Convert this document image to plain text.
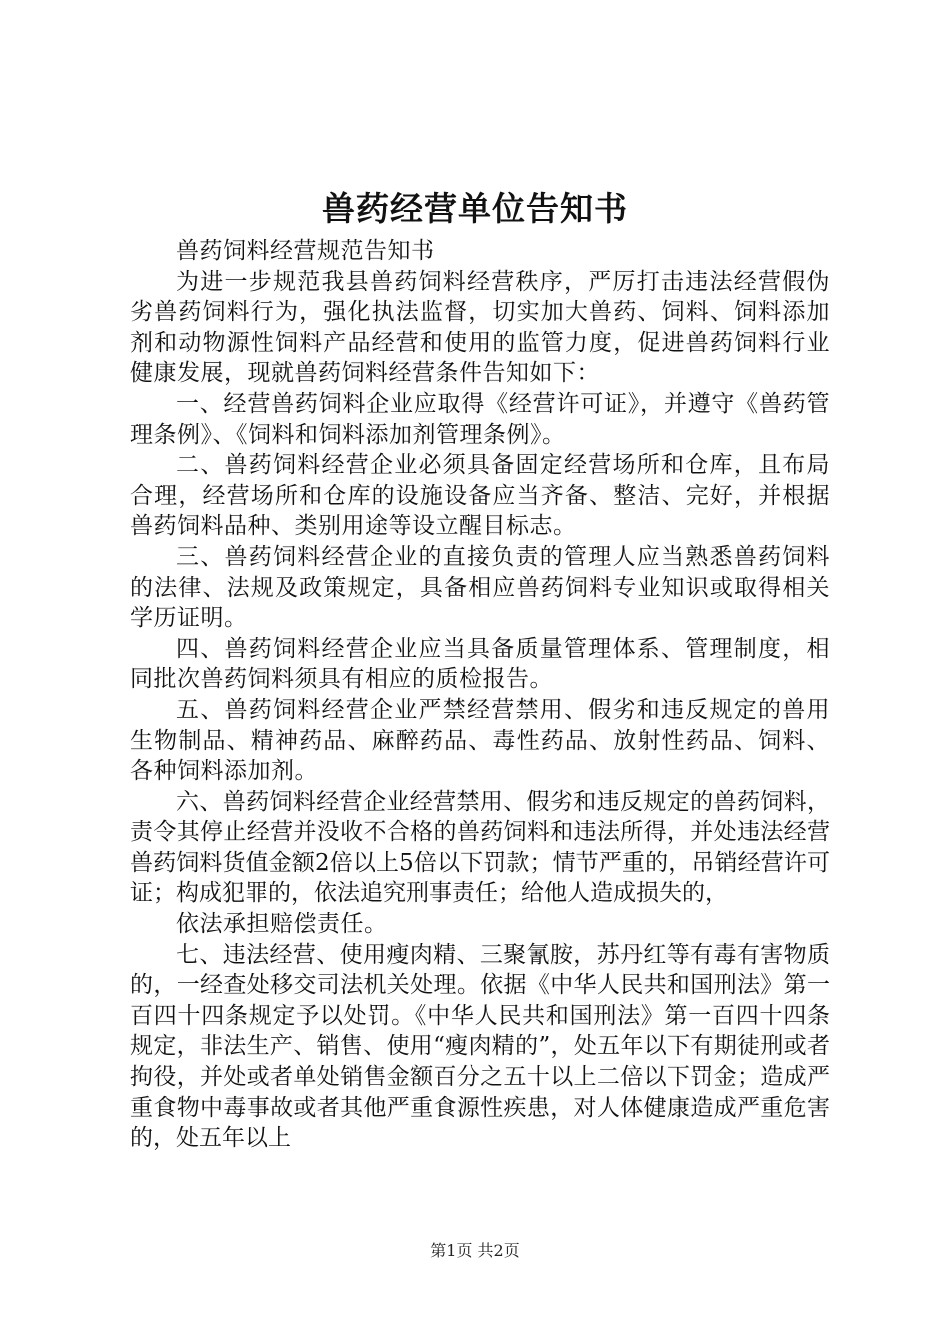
兽药经营单位告知书

兽药饲料经营规范告知书

为进一步规范我县兽药饲料经营秩序，严厉打击违法经营假伪劣兽药饲料行为，强化执法监督，切实加大兽药、饲料、饲料添加剂和动物源性饲料产品经营和使用的监管力度，促进兽药饲料行业健康发展，现就兽药饲料经营条件告知如下：

一、经营兽药饲料企业应取得《经营许可证》，并遵守《兽药管理条例》、《饲料和饲料添加剂管理条例》。

二、兽药饲料经营企业必须具备固定经营场所和仓库，且布局合理，经营场所和仓库的设施设备应当齐备、整洁、完好，并根据兽药饲料品种、类别用途等设立醒目标志。

三、兽药饲料经营企业的直接负责的管理人应当熟悉兽药饲料的法律、法规及政策规定，具备相应兽药饲料专业知识或取得相关学历证明。

四、兽药饲料经营企业应当具备质量管理体系、管理制度，相同批次兽药饲料须具有相应的质检报告。

五、兽药饲料经营企业严禁经营禁用、假劣和违反规定的兽用生物制品、精神药品、麻醉药品、毒性药品、放射性药品、饲料、各种饲料添加剂。

六、兽药饲料经营企业经营禁用、假劣和违反规定的兽药饲料，责令其停止经营并没收不合格的兽药饲料和违法所得，并处违法经营兽药饲料货值金额2倍以上5倍以下罚款；情节严重的，吊销经营许可证；构成犯罪的，依法追究刑事责任；给他人造成损失的，

依法承担赔偿责任。

七、违法经营、使用瘦肉精、三聚氰胺，苏丹红等有毒有害物质的，一经查处移交司法机关处理。依据《中华人民共和国刑法》第一百四十四条规定予以处罚。《中华人民共和国刑法》第一百四十四条规定，非法生产、销售、使用“瘦肉精的”，处五年以下有期徒刑或者拘役，并处或者单处销售金额百分之五十以上二倍以下罚金；造成严重食物中毒事故或者其他严重食源性疾患，对人体健康造成严重危害的，处五年以上

第1页 共2页
